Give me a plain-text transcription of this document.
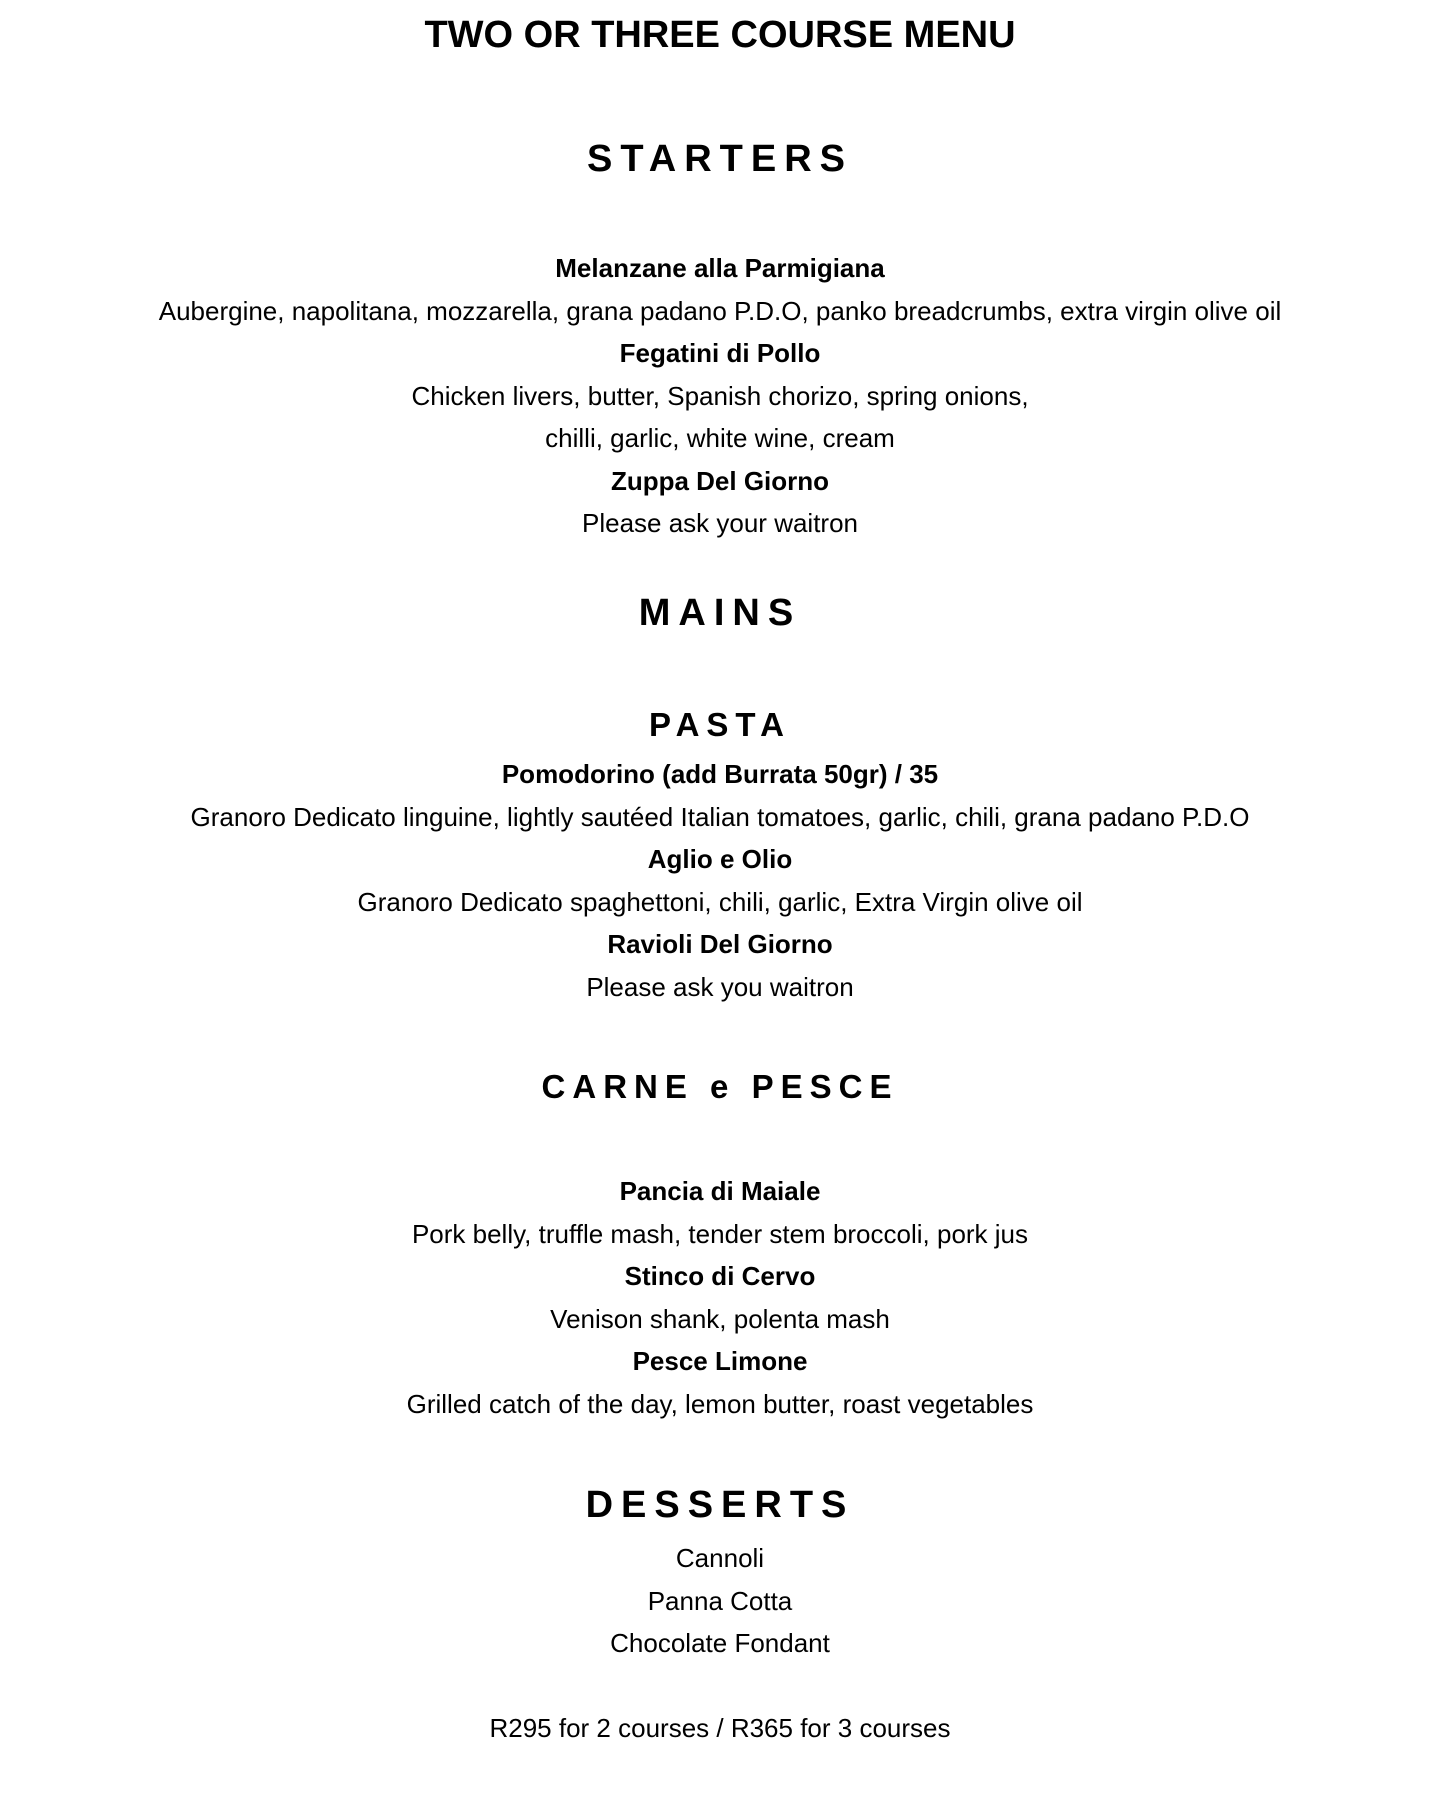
TWO OR THREE COURSE MENU
STARTERS
Melanzane alla Parmigiana
Aubergine, napolitana, mozzarella, grana padano P.D.O, panko breadcrumbs, extra virgin olive oil
Fegatini di Pollo
Chicken livers, butter, Spanish chorizo, spring onions,
chilli, garlic, white wine, cream
Zuppa Del Giorno
Please ask your waitron
MAINS
PASTA
Pomodorino (add Burrata 50gr) / 35
Granoro Dedicato linguine, lightly sautéed Italian tomatoes, garlic, chili, grana padano P.D.O
Aglio e Olio
Granoro Dedicato spaghettoni, chili, garlic, Extra Virgin olive oil
Ravioli Del Giorno
Please ask you waitron
CARNE e PESCE
Pancia di Maiale
Pork belly, truffle mash, tender stem broccoli, pork jus
Stinco di Cervo
Venison shank, polenta mash
Pesce Limone
Grilled catch of the day, lemon butter, roast vegetables
DESSERTS
Cannoli
Panna Cotta
Chocolate Fondant
R295 for 2 courses / R365 for 3 courses
